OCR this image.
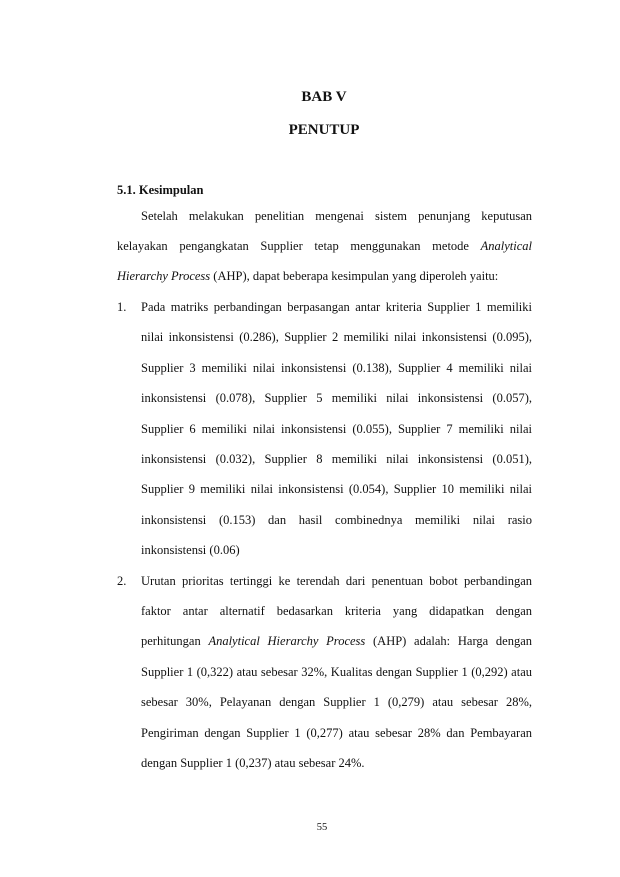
BAB V
PENUTUP
5.1. Kesimpulan

Setelah melakukan penelitian mengenai sistem penunjang keputusan kelayakan pengangkatan Supplier tetap menggunakan metode Analytical Hierarchy Process (AHP), dapat beberapa kesimpulan yang diperoleh yaitu:

1. Pada matriks perbandingan berpasangan antar kriteria Supplier 1 memiliki nilai inkonsistensi (0.286), Supplier 2 memiliki nilai inkonsistensi (0.095), Supplier 3 memiliki nilai inkonsistensi (0.138), Supplier 4 memiliki nilai inkonsistensi (0.078), Supplier 5 memiliki nilai inkonsistensi (0.057), Supplier 6 memiliki nilai inkonsistensi (0.055), Supplier 7 memiliki nilai inkonsistensi (0.032), Supplier 8 memiliki nilai inkonsistensi (0.051), Supplier 9 memiliki nilai inkonsistensi (0.054), Supplier 10 memiliki nilai inkonsistensi (0.153) dan hasil combinednya memiliki nilai rasio inkonsistensi (0.06)
2. Urutan prioritas tertinggi ke terendah dari penentuan bobot perbandingan faktor antar alternatif bedasarkan kriteria yang didapatkan dengan perhitungan Analytical Hierarchy Process (AHP) adalah: Harga dengan Supplier 1 (0,322) atau sebesar 32%, Kualitas dengan Supplier 1 (0,292) atau sebesar 30%, Pelayanan dengan Supplier 1 (0,279) atau sebesar 28%, Pengiriman dengan Supplier 1 (0,277) atau sebesar 28% dan Pembayaran dengan Supplier 1 (0,237) atau sebesar 24%.
55
